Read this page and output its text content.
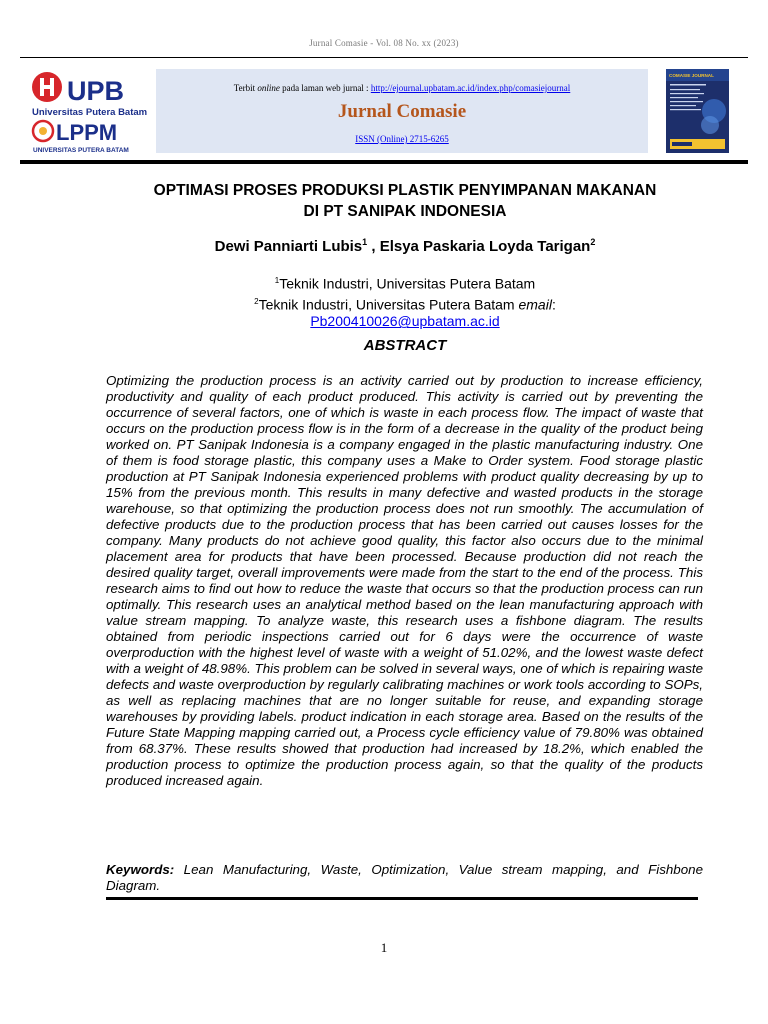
Jurnal Comasie - Vol. 08 No. xx (2023)
UPB
Universitas Putera Batam
LPPM
UNIVERSITAS PUTERA BATAM
Terbit online pada laman web jurnal : http://ejournal.upbatam.ac.id/index.php/comasiejournal
Jurnal Comasie
ISSN (Online) 2715-6265
COMASIE JOURNAL
OPTIMASI PROSES PRODUKSI PLASTIK PENYIMPANAN MAKANAN
DI PT SANIPAK INDONESIA
Dewi Panniarti Lubis$^1$ , Elsya Paskaria Loyda Tarigan$^2$
$^1$Teknik Industri, Universitas Putera Batam
$^2$Teknik Industri, Universitas Putera Batam email:
Pb200410026@upbatam.ac.id
ABSTRACT
Optimizing the production process is an activity carried out by production to increase efficiency, productivity and quality of each product produced. This activity is carried out by preventing the occurrence of several factors, one of which is waste in each process flow. The impact of waste that occurs on the production process flow is in the form of a decrease in the quality of the product being worked on. PT Sanipak Indonesia is a company engaged in the plastic manufacturing industry. One of them is food storage plastic, this company uses a Make to Order system. Food storage plastic production at PT Sanipak Indonesia experienced problems with product quality decreasing by up to 15% from the previous month. This results in many defective and wasted products in the storage warehouse, so that optimizing the production process does not run smoothly. The accumulation of defective products due to the production process that has been carried out causes losses for the company. Many products do not achieve good quality, this factor also occurs due to the minimal placement area for products that have been processed. Because production did not reach the desired quality target, overall improvements were made from the start to the end of the process. This research aims to find out how to reduce the waste that occurs so that the production process can run optimally. This research uses an analytical method based on the lean manufacturing approach with value stream mapping. To analyze waste, this research uses a fishbone diagram. The results obtained from periodic inspections carried out for 6 days were the occurrence of waste overproduction with the highest level of waste with a weight of 51.02%, and the lowest waste defect with a weight of 48.98%. This problem can be solved in several ways, one of which is repairing waste defects and waste overproduction by regularly calibrating machines or work tools according to SOPs, as well as replacing machines that are no longer suitable for reuse, and expanding storage warehouses by providing labels. product indication in each storage area. Based on the results of the Future State Mapping mapping carried out, a Process cycle efficiency value of 79.80% was obtained from 68.37%. These results showed that production had increased by 18.2%, which enabled the production process to optimize the production process again, so that the quality of the products produced increased again.
Keywords: Lean Manufacturing, Waste, Optimization, Value stream mapping, and Fishbone Diagram.
1
